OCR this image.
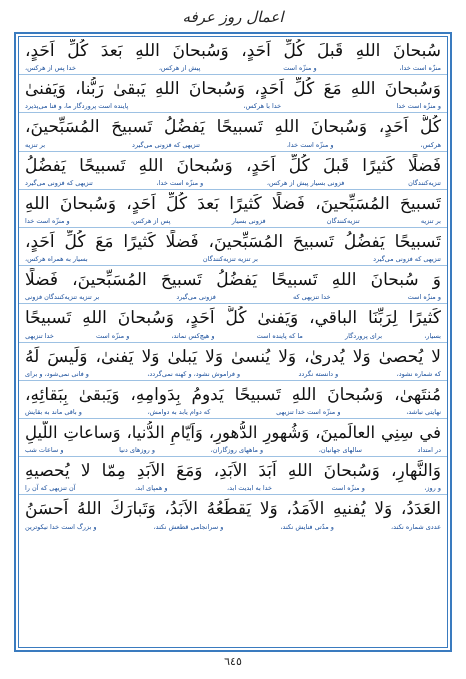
اعمال روز عرفه
سُبحانَ اللهِ قَبلَ كُلِّ اَحَدٍ، وَسُبحانَ اللهِ بَعدَ كُلِّ اَحَدٍ،
منزّه است خدا،
و منزّه است
پیش از هرکس،
خدا پس از هرکس،
وَسُبحانَ اللهِ مَعَ كُلِّ اَحَدٍ، وَسُبحانَ اللهِ يَبقىٰ رَبُّنا، وَيَفنىٰ
و منزّه است خدا
خدا با هرکس،
پاینده است پروردگار ما، و فنا می‌پذیرد
كُلُّ اَحَدٍ، وَسُبحانَ اللهِ تَسبيحًا يَفضُلُ تَسبيحَ المُسَبِّحينَ،
هرکس،
و منزّه است خدا،
تنزیهی که فزونی می‌گیرد
بر تنزیه
فَضلًا كَثيرًا قَبلَ كُلِّ اَحَدٍ، وَسُبحانَ اللهِ تَسبيحًا يَفضُلُ
تنزیه‌کنندگان
فزونی بسیار پیش از هرکس،
و منزّه است خدا،
تنزیهی که فزونی می‌گیرد
تَسبيحَ المُسَبِّحينَ، فَضلًا كَثيرًا بَعدَ كُلِّ اَحَدٍ، وَسُبحانَ اللهِ
بر تنزیه
تنزیه‌کنندگان
فزونی بسیار
پس از هرکس،
و منزّه است خدا
تَسبيحًا يَفضُلُ تَسبيحَ المُسَبِّحينَ، فَضلًا كَثيرًا مَعَ كُلِّ اَحَدٍ،
تنزیهی که فزونی می‌گیرد
بر تنزیه تنزیه‌کنندگان
بسیار به همراه هرکس،
وَ سُبحانَ اللهِ تَسبيحًا يَفضُلُ تَسبيحَ المُسَبِّحينَ، فَضلًا
و منزّه است
خدا تنزیهی که
فزونی می‌گیرد
بر تنزیه تنزیه‌کنندگان فزونی
كَثيرًا لِرَبِّنَا الباقي، وَيَفنىٰ كُلُّ اَحَدٍ، وَسُبحانَ اللهِ تَسبيحًا
بسیار،
برای پروردگار
ما که پاینده است
و هیچ‌کس نماند،
و منزّه است
خدا تنزیهی
لا يُحصىٰ وَلا يُدرىٰ، وَلا يُنسىٰ وَلا يَبلىٰ وَلا يَفنىٰ، وَلَيسَ لَهُ
که شماره نشود،
و دانسته نگردد
و فراموش نشود، و کهنه نمی‌گردد،
و فانی نمی‌شود، و برای
مُنتَهىٰ، وَسُبحانَ اللهِ تَسبيحًا يَدومُ بِدَوامِهِ، وَيَبقىٰ بِبَقائِهِ،
نهایتی نباشد،
و منزّه است خدا تنزیهی
که دوام یابد به دوامش،
و باقی ماند به بقایش
في سِنِي العالَمينَ، وَشُهورِ الدُّهورِ، وَاَيّامِ الدُّنيا، وَساعاتِ اللَّيلِ
در امتداد
سالهای جهانیان،
و ماههای روزگاران،
و روزهای دنیا
و ساعات شب
وَالنَّهارِ، وَسُبحانَ اللهِ اَبَدَ الاَبَدِ، وَمَعَ الاَبَدِ مِمّا لا يُحصيهِ
و روز،
و منزّه است
خدا به ابدیت ابد،
و همپای ابد،
آن تنزیهی که آن را
العَدَدُ، وَلا يُفنيهِ الاَمَدُ، وَلا يَقطَعُهُ الاَبَدُ، وَتَبارَكَ اللهُ اَحسَنُ
عددی شماره نکند،
و مدّتی فنایش نکند،
و سرانجامی قطعش نکند،
و بزرگ است خدا نیکوترین
٦٤٥
